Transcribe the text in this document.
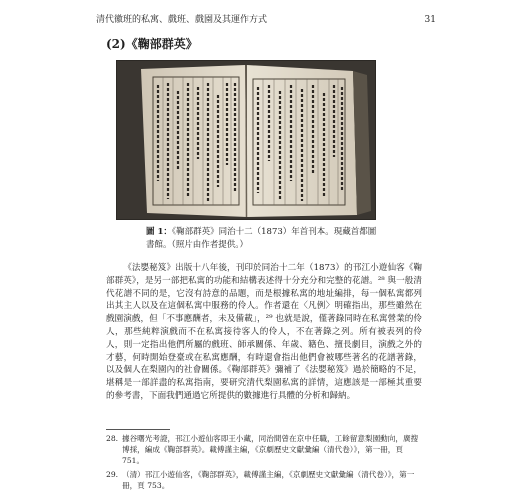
清代徽班的私寓、戲班、戲園及其運作方式	31
(2)《鞠部群英》
圖 1：《鞠部群英》同治十二（1873）年首刊本。現藏首都圖書館。（照片由作者提供。）

《法嬰秘笈》出版十八年後，刊印於同治十二年（1873）的邗江小遊仙客《鞠部群英》，是另一部把私寓的功能和結構表述得十分充分和完整的花譜。²⁸ 與一般清代花譜不同的是，它沒有詩意的品題，而是根據私寓的地址編排，每一個私寓都列出其主人以及在這個私寓中服務的伶人。作者還在〈凡例〉明確指出，那些雖然在戲園演戲，但「不事應酬者，未及備載」，²⁹ 也就是說，僅著錄同時在私寓營業的伶人，那些純粹演戲而不在私寓接待客人的伶人，不在著錄之列。所有被表列的伶人，則一定指出他們所屬的戲班、師承關係、年歲、籍色、擅長劇目，演戲之外的才藝，何時開始登臺或在私寓應酬，有時還會指出他們會被哪些著名的花譜著錄，以及個人在梨園內的社會關係。《鞠部群英》彌補了《法嬰秘笈》過於簡略的不足，堪稱是一部詳盡的私寓指南，要研究清代梨園私寓的詳情，這應該是一部極其重要的參考書，下面我們通過它所提供的數據進行具體的分析和歸納。

28. 據谷曙光考證，邗江小遊仙客即王小藏，同治間曾在京中任職，工餘留意梨園動向，廣搜博採，編成《鞠部群英》。載傅謹主編，《京劇歷史文獻彙編（清代卷）》，第一冊，頁 751。
29. （清）邗江小遊仙客，《鞠部群英》，載傅謹主編，《京劇歷史文獻彙編（清代卷）》，第一冊，頁 753。
